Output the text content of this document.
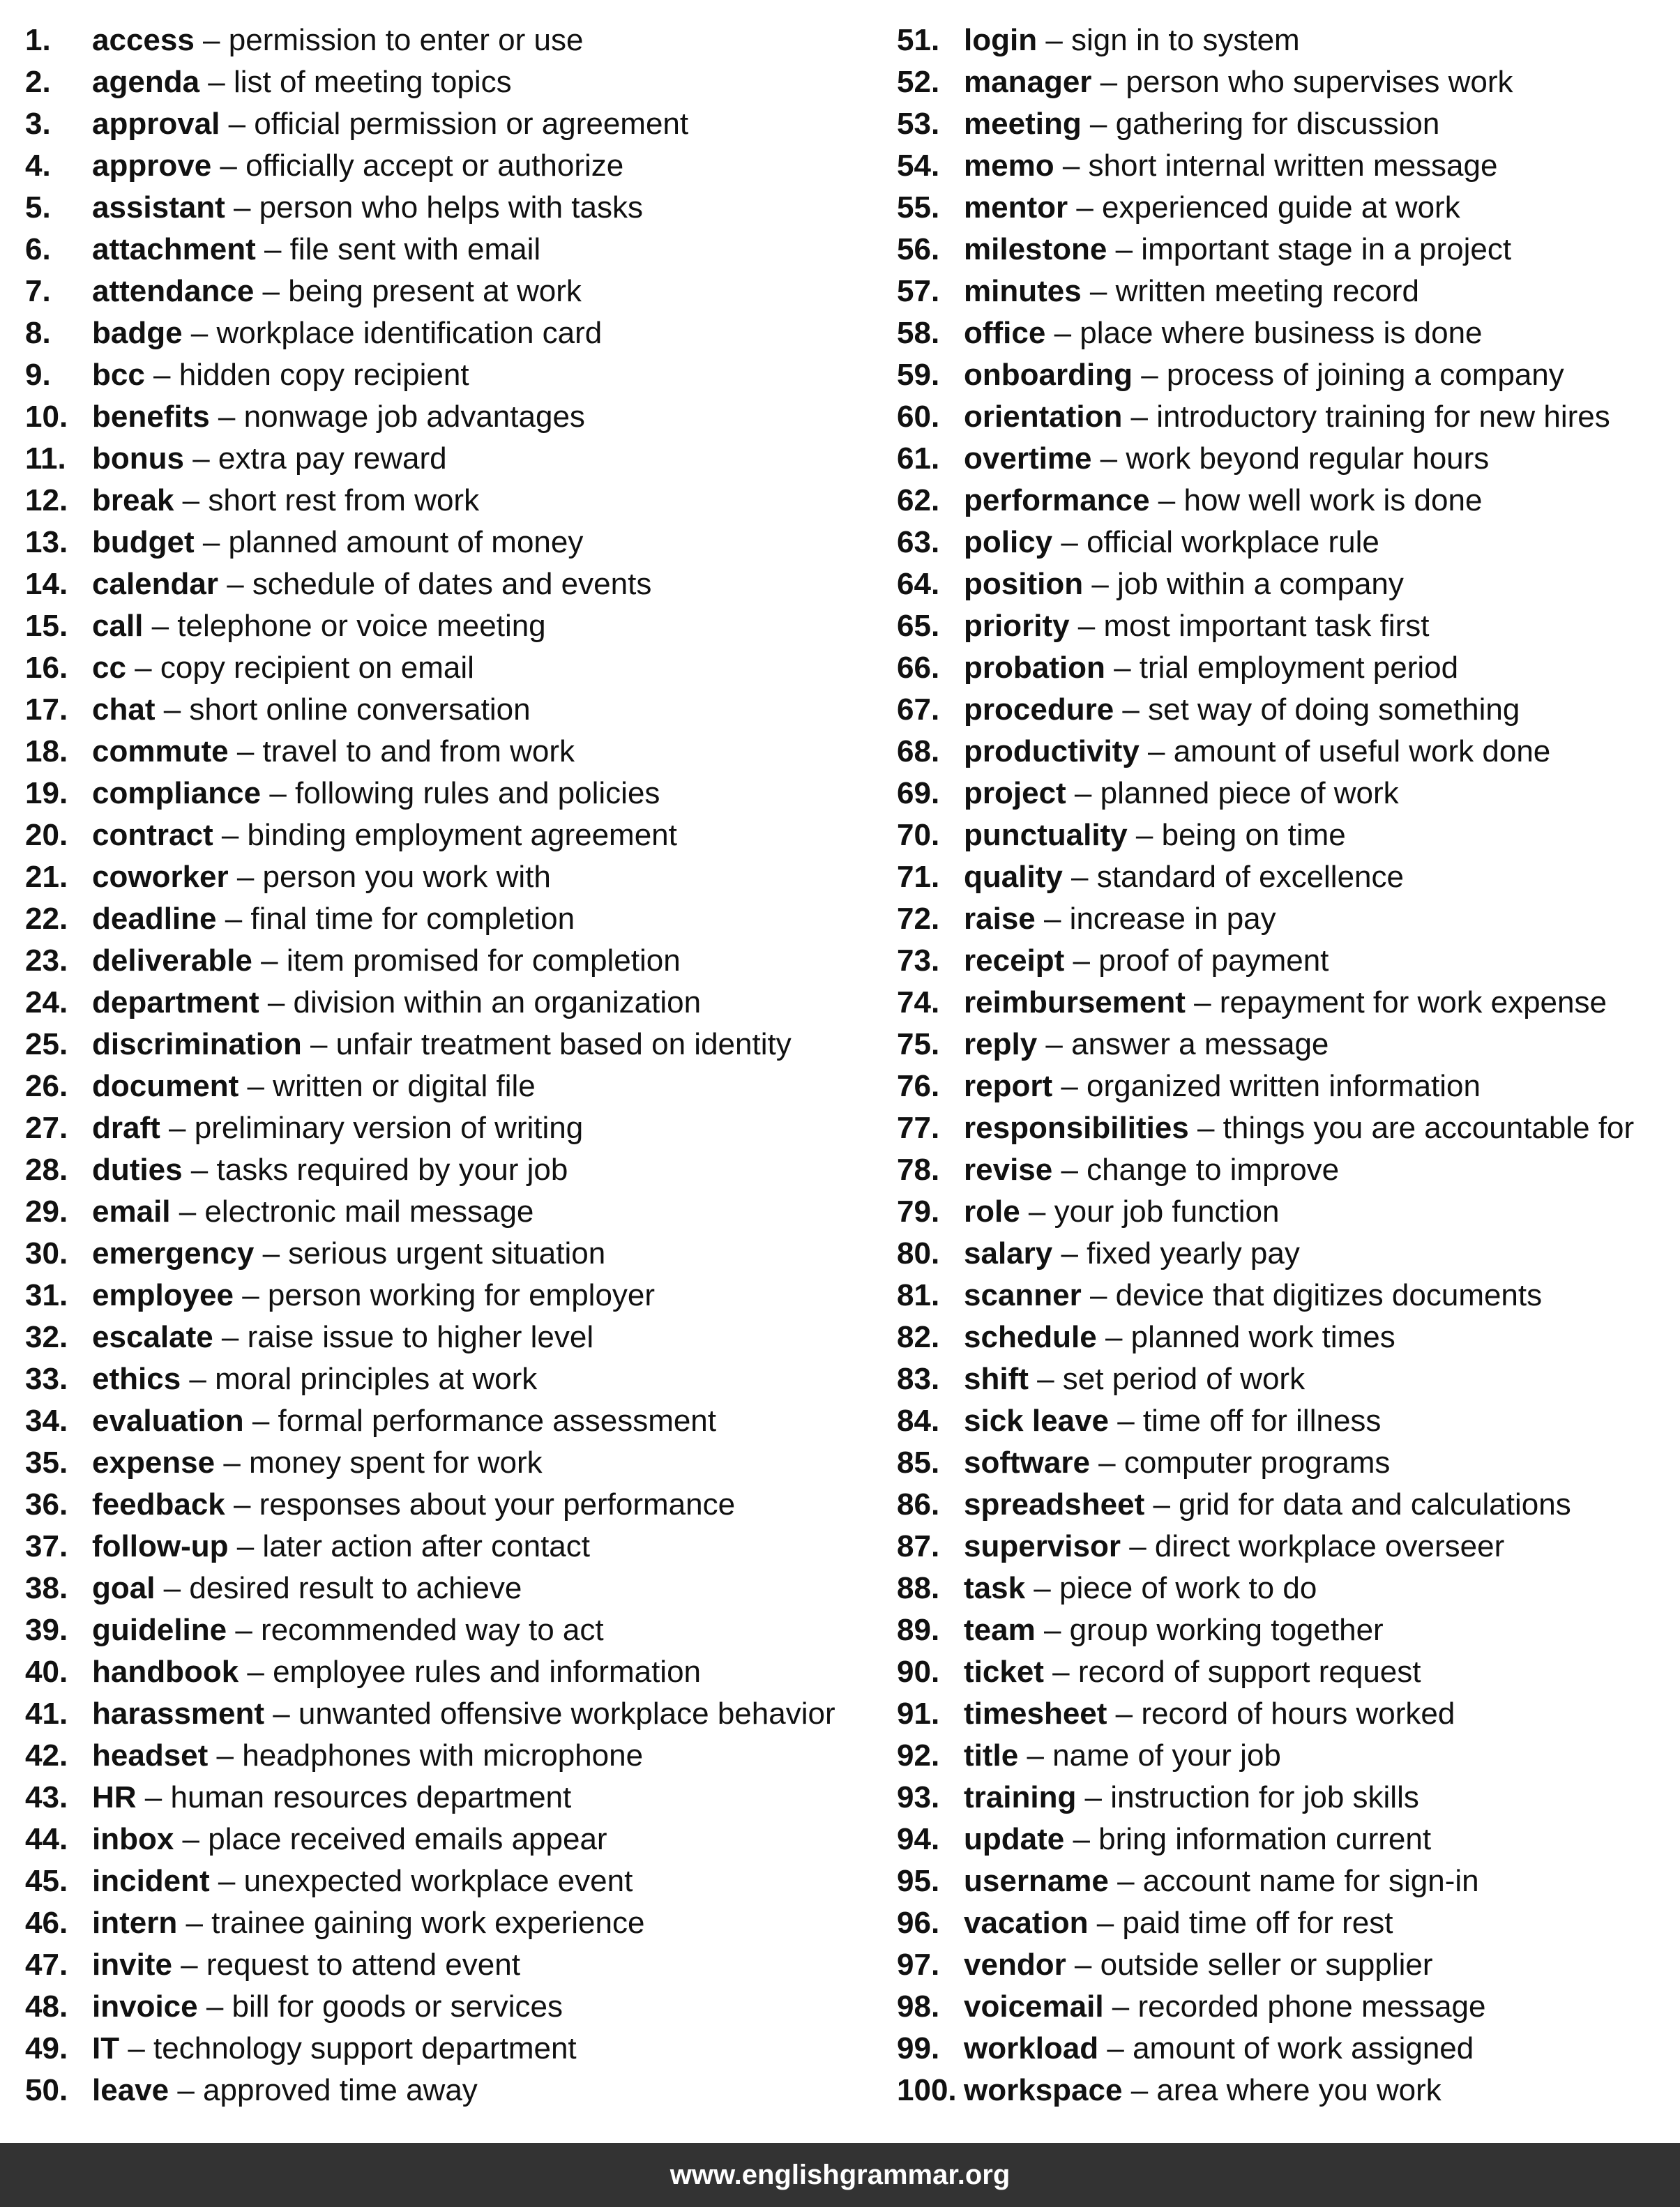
1. access – permission to enter or use
2. agenda – list of meeting topics
3. approval – official permission or agreement
4. approve – officially accept or authorize
5. assistant – person who helps with tasks
6. attachment – file sent with email
7. attendance – being present at work
8. badge – workplace identification card
9. bcc – hidden copy recipient
10. benefits – nonwage job advantages
11. bonus – extra pay reward
12. break – short rest from work
13. budget – planned amount of money
14. calendar – schedule of dates and events
15. call – telephone or voice meeting
16. cc – copy recipient on email
17. chat – short online conversation
18. commute – travel to and from work
19. compliance – following rules and policies
20. contract – binding employment agreement
21. coworker – person you work with
22. deadline – final time for completion
23. deliverable – item promised for completion
24. department – division within an organization
25. discrimination – unfair treatment based on identity
26. document – written or digital file
27. draft – preliminary version of writing
28. duties – tasks required by your job
29. email – electronic mail message
30. emergency – serious urgent situation
31. employee – person working for employer
32. escalate – raise issue to higher level
33. ethics – moral principles at work
34. evaluation – formal performance assessment
35. expense – money spent for work
36. feedback – responses about your performance
37. follow-up – later action after contact
38. goal – desired result to achieve
39. guideline – recommended way to act
40. handbook – employee rules and information
41. harassment – unwanted offensive workplace behavior
42. headset – headphones with microphone
43. HR – human resources department
44. inbox – place received emails appear
45. incident – unexpected workplace event
46. intern – trainee gaining work experience
47. invite – request to attend event
48. invoice – bill for goods or services
49. IT – technology support department
50. leave – approved time away
51. login – sign in to system
52. manager – person who supervises work
53. meeting – gathering for discussion
54. memo – short internal written message
55. mentor – experienced guide at work
56. milestone – important stage in a project
57. minutes – written meeting record
58. office – place where business is done
59. onboarding – process of joining a company
60. orientation – introductory training for new hires
61. overtime – work beyond regular hours
62. performance – how well work is done
63. policy – official workplace rule
64. position – job within a company
65. priority – most important task first
66. probation – trial employment period
67. procedure – set way of doing something
68. productivity – amount of useful work done
69. project – planned piece of work
70. punctuality – being on time
71. quality – standard of excellence
72. raise – increase in pay
73. receipt – proof of payment
74. reimbursement – repayment for work expense
75. reply – answer a message
76. report – organized written information
77. responsibilities – things you are accountable for
78. revise – change to improve
79. role – your job function
80. salary – fixed yearly pay
81. scanner – device that digitizes documents
82. schedule – planned work times
83. shift – set period of work
84. sick leave – time off for illness
85. software – computer programs
86. spreadsheet – grid for data and calculations
87. supervisor – direct workplace overseer
88. task – piece of work to do
89. team – group working together
90. ticket – record of support request
91. timesheet – record of hours worked
92. title – name of your job
93. training – instruction for job skills
94. update – bring information current
95. username – account name for sign-in
96. vacation – paid time off for rest
97. vendor – outside seller or supplier
98. voicemail – recorded phone message
99. workload – amount of work assigned
100. workspace – area where you work
www.englishgrammar.org
